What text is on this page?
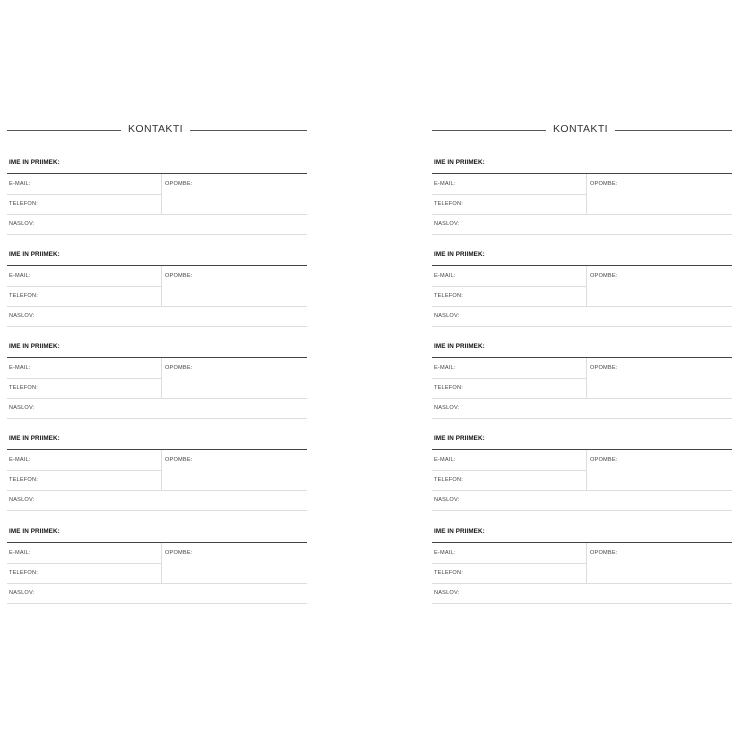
KONTAKTI
IME IN PRIIMEK:
E-MAIL:	OPOMBE:
TELEFON:
NASLOV:
IME IN PRIIMEK:
E-MAIL:	OPOMBE:
TELEFON:
NASLOV:
IME IN PRIIMEK:
E-MAIL:	OPOMBE:
TELEFON:
NASLOV:
IME IN PRIIMEK:
E-MAIL:	OPOMBE:
TELEFON:
NASLOV:
IME IN PRIIMEK:
E-MAIL:	OPOMBE:
TELEFON:
NASLOV:
KONTAKTI
IME IN PRIIMEK:
E-MAIL:	OPOMBE:
TELEFON:
NASLOV:
IME IN PRIIMEK:
E-MAIL:	OPOMBE:
TELEFON:
NASLOV:
IME IN PRIIMEK:
E-MAIL:	OPOMBE:
TELEFON:
NASLOV:
IME IN PRIIMEK:
E-MAIL:	OPOMBE:
TELEFON:
NASLOV:
IME IN PRIIMEK:
E-MAIL:	OPOMBE:
TELEFON:
NASLOV:
